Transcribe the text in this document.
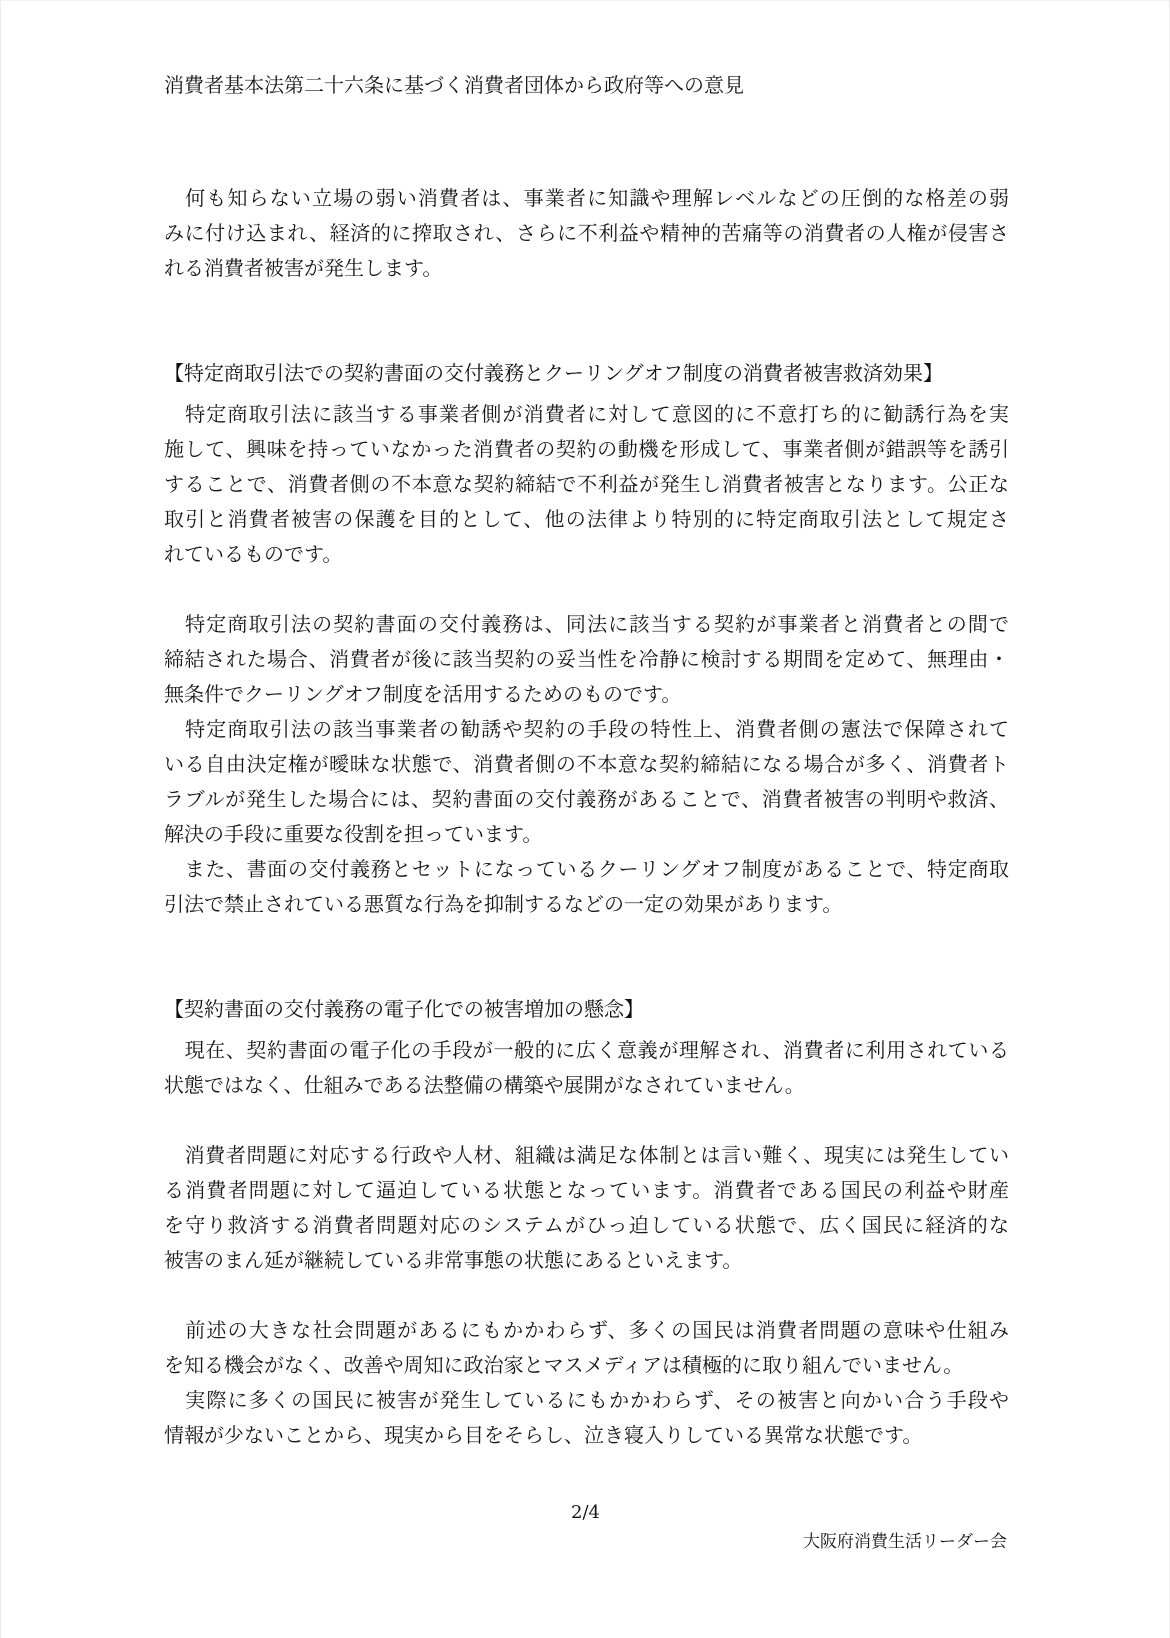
消費者基本法第二十六条に基づく消費者団体から政府等への意見
　何も知らない立場の弱い消費者は、事業者に知識や理解レベルなどの圧倒的な格差の弱
みに付け込まれ、経済的に搾取され、さらに不利益や精神的苦痛等の消費者の人権が侵害さ
れる消費者被害が発生します。
【特定商取引法での契約書面の交付義務とクーリングオフ制度の消費者被害救済効果】
　特定商取引法に該当する事業者側が消費者に対して意図的に不意打ち的に勧誘行為を実
施して、興味を持っていなかった消費者の契約の動機を形成して、事業者側が錯誤等を誘引
することで、消費者側の不本意な契約締結で不利益が発生し消費者被害となります。公正な
取引と消費者被害の保護を目的として、他の法律より特別的に特定商取引法として規定さ
れているものです。
　特定商取引法の契約書面の交付義務は、同法に該当する契約が事業者と消費者との間で
締結された場合、消費者が後に該当契約の妥当性を冷静に検討する期間を定めて、無理由・
無条件でクーリングオフ制度を活用するためのものです。
　特定商取引法の該当事業者の勧誘や契約の手段の特性上、消費者側の憲法で保障されて
いる自由決定権が曖昧な状態で、消費者側の不本意な契約締結になる場合が多く、消費者ト
ラブルが発生した場合には、契約書面の交付義務があることで、消費者被害の判明や救済、
解決の手段に重要な役割を担っています。
　また、書面の交付義務とセットになっているクーリングオフ制度があることで、特定商取
引法で禁止されている悪質な行為を抑制するなどの一定の効果があります。
【契約書面の交付義務の電子化での被害増加の懸念】
　現在、契約書面の電子化の手段が一般的に広く意義が理解され、消費者に利用されている
状態ではなく、仕組みである法整備の構築や展開がなされていません。
　消費者問題に対応する行政や人材、組織は満足な体制とは言い難く、現実には発生してい
る消費者問題に対して逼迫している状態となっています。消費者である国民の利益や財産
を守り救済する消費者問題対応のシステムがひっ迫している状態で、広く国民に経済的な
被害のまん延が継続している非常事態の状態にあるといえます。
　前述の大きな社会問題があるにもかかわらず、多くの国民は消費者問題の意味や仕組み
を知る機会がなく、改善や周知に政治家とマスメディアは積極的に取り組んでいません。
　実際に多くの国民に被害が発生しているにもかかわらず、その被害と向かい合う手段や
情報が少ないことから、現実から目をそらし、泣き寝入りしている異常な状態です。
2/4
大阪府消費生活リーダー会
